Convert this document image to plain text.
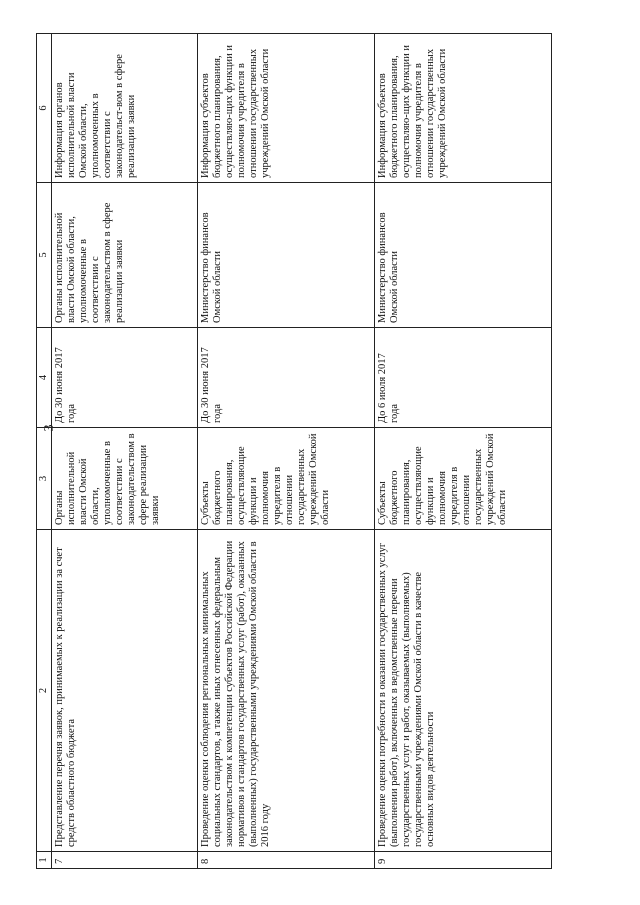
3
1	2	3	4	5	6
7	Представление перечня заявок, принимаемых к реализации за счет средств областного бюджета	Органы исполнительной власти Омской области, уполномоченные в соответствии с законодательством в сфере реализации заявки	До 30 июня 2017 года	Органы исполнительной власти Омской области, уполномоченные в соответствии с законодательством в сфере реализации заявки	Информация органов исполнительной власти Омской области, уполномоченных в соответствии с законодательст-вом в сфере реализации заявки
8	Проведение оценки соблюдения региональных минимальных социальных стандартов, а также иных отнесенных федеральным законодательством к компетенции субъектов Российской Федерации нормативов и стандартов государственных услуг (работ), оказанных (выполненных) государственными учреждениями Омской области в 2016 году	Субъекты бюджетного планирования, осуществляющие функции и полномочия учредителя в отношении государственных учреждений Омской области	До 30 июня 2017 года	Министерство финансов Омской области	Информация субъектов бюджетного планирования, осуществляю-щих функции и полномочия учредителя в отношении государственных учреждений Омской области
9	Проведение оценки потребности в оказании государственных услуг (выполнении работ), включенных в ведомственные перечни государственных услуг и работ, оказываемых (выполняемых) государственными учреждениями Омской области в качестве основных видов деятельности	Субъекты бюджетного планирования, осуществляющие функции и полномочия учредителя в отношении государственных учреждений Омской области	До 6 июля 2017 года	Министерство финансов Омской области	Информация субъектов бюджетного планирования, осуществляю-щих функции и полномочия учредителя в отношении государственных учреждений Омской области
